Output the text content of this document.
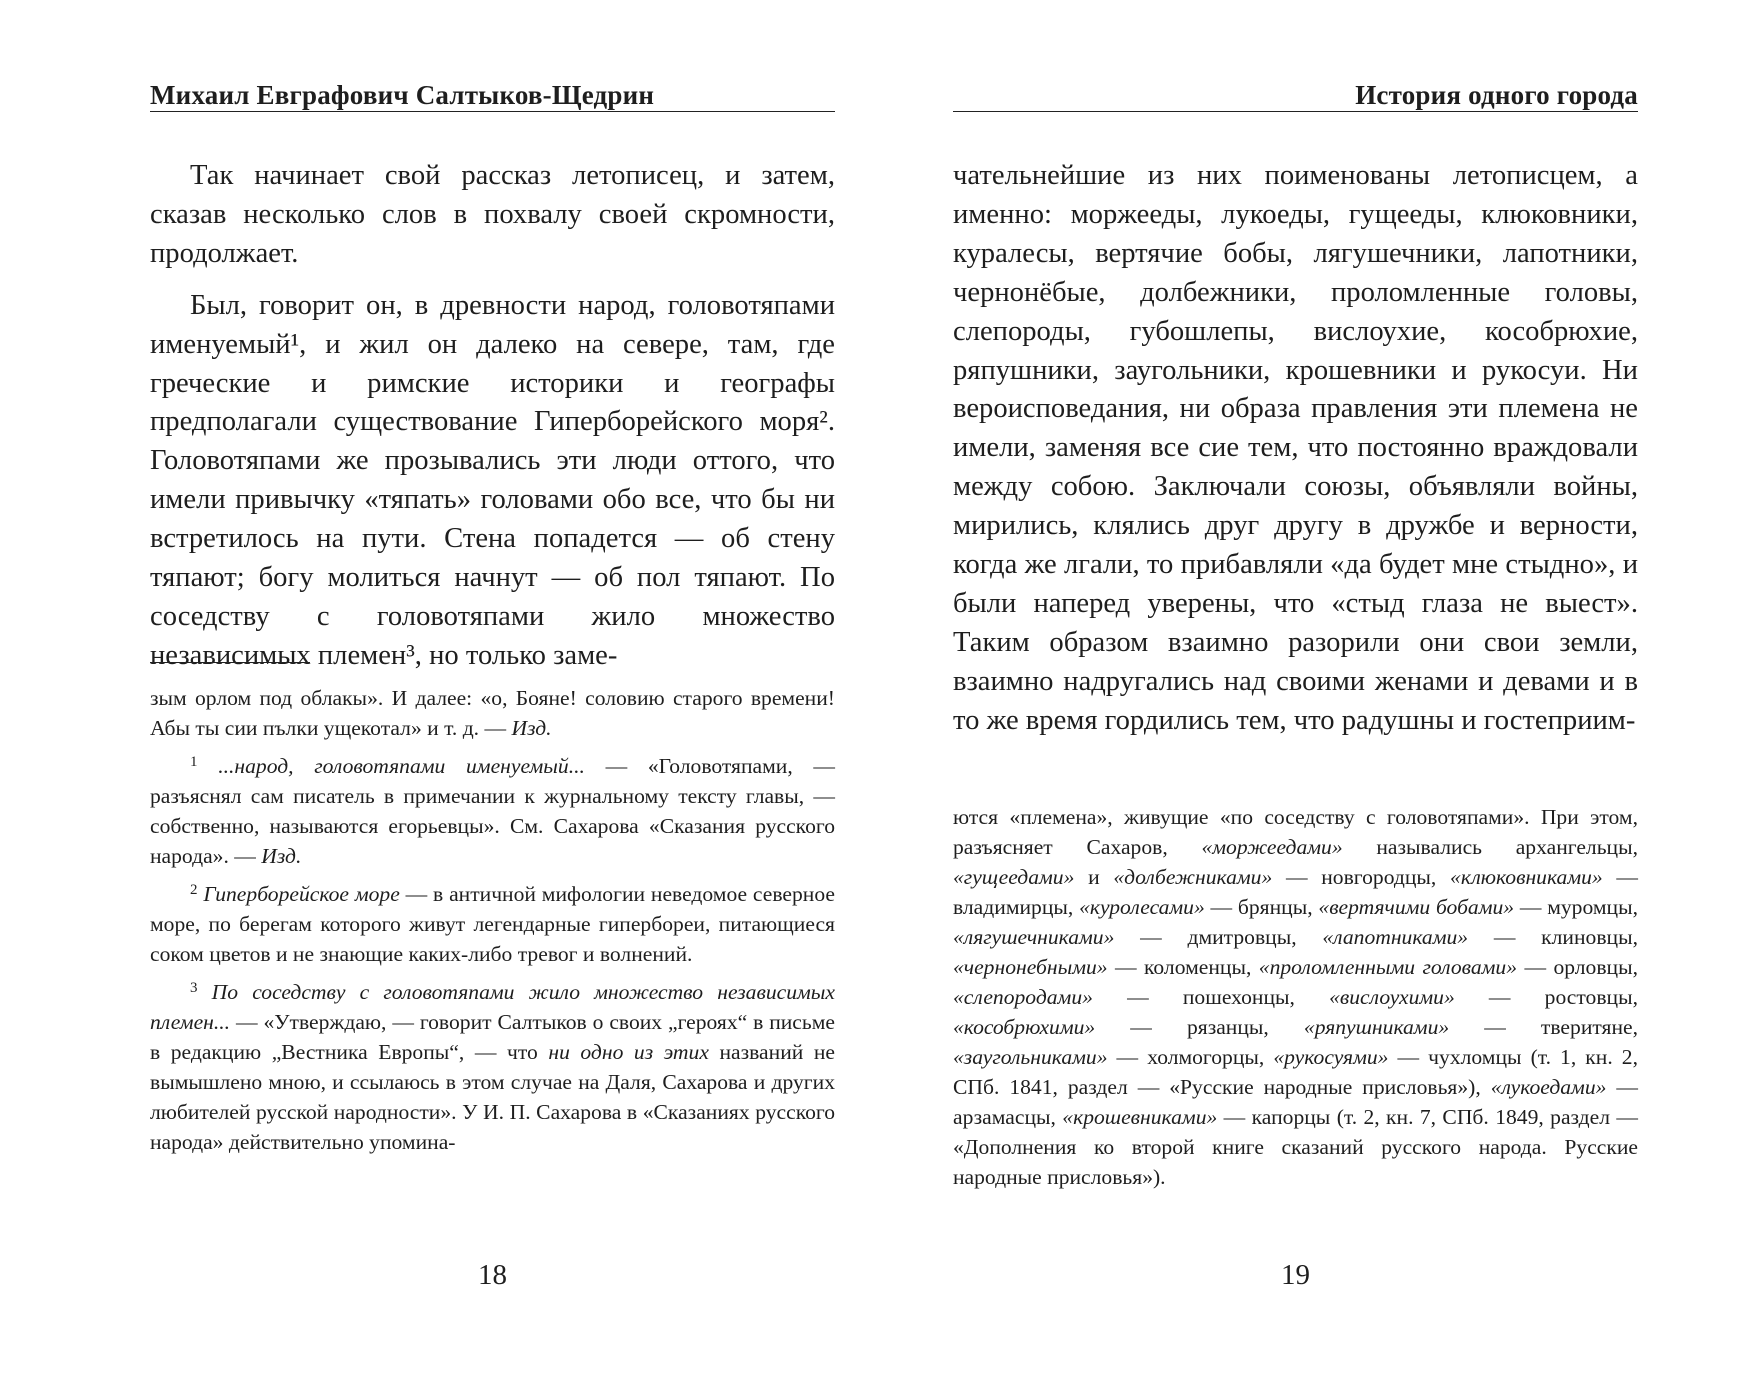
Михаил Евграфович Салтыков-Щедрин

Так начинает свой рассказ летописец, и затем, сказав несколько слов в похвалу своей скромности, продолжает.

Был, говорит он, в древности народ, головотяпами именуемый¹, и жил он далеко на севере, там, где греческие и римские историки и географы предполагали существование Гиперборейского моря². Головотяпами же прозывались эти люди оттого, что имели привычку «тяпать» головами обо все, что бы ни встретилось на пути. Стена попадется — об стену тяпают; богу молиться начнут — об пол тяпают. По соседству с головотяпами жило множество независимых племен³, но только заме-

зым орлом под облакы». И далее: «о, Бояне! соловию старого времени! Абы ты сии пълки ущекотал» и т. д. — Изд.

$^1$ ...народ, головотяпами именуемый... — «Головотяпами, — разъяснял сам писатель в примечании к журнальному тексту главы, — собственно, называются егорьевцы». См. Сахарова «Сказания русского народа». — Изд.

$^2$ Гиперборейское море — в античной мифологии неведомое северное море, по берегам которого живут легендарные гипербореи, питающиеся соком цветов и не знающие каких-либо тревог и волнений.

$^3$ По соседству с головотяпами жило множество независимых племен... — «Утверждаю, — говорит Салтыков о своих „героях“ в письме в редакцию „Вестника Европы“, — что ни одно из этих названий не вымышлено мною, и ссылаюсь в этом случае на Даля, Сахарова и других любителей русской народности». У И. П. Сахарова в «Сказаниях русского народа» действительно упомина-

18
История одного города

чательнейшие из них поименованы летописцем, а именно: моржееды, лукоеды, гущееды, клюковники, куралесы, вертячие бобы, лягушечники, лапотники, чернонёбые, долбежники, проломленные головы, слепороды, губошлепы, вислоухие, кособрюхие, ряпушники, заугольники, крошевники и рукосуи. Ни вероисповедания, ни образа правления эти племена не имели, заменяя все сие тем, что постоянно враждовали между собою. Заключали союзы, объявляли войны, мирились, клялись друг другу в дружбе и верности, когда же лгали, то прибавляли «да будет мне стыдно», и были наперед уверены, что «стыд глаза не выест». Таким образом взаимно разорили они свои земли, взаимно надругались над своими женами и девами и в то же время гордились тем, что радушны и гостеприим-

ются «племена», живущие «по соседству с головотяпами». При этом, разъясняет Сахаров, «моржеедами» назывались архангельцы, «гущеедами» и «долбежниками» — новгородцы, «клюковниками» — владимирцы, «куролесами» — брянцы, «вертячими бобами» — муромцы, «лягушечниками» — дмитровцы, «лапотниками» — клиновцы, «чернонебными» — коломенцы, «проломленными головами» — орловцы, «слепородами» — пошехонцы, «вислоухими» — ростовцы, «кособрюхими» — рязанцы, «ряпушниками» — тверитяне, «заугольниками» — холмогорцы, «рукосуями» — чухломцы (т. 1, кн. 2, СПб. 1841, раздел — «Русские народные присловья»), «лукоедами» — арзамасцы, «крошевниками» — капорцы (т. 2, кн. 7, СПб. 1849, раздел — «Дополнения ко второй книге сказаний русского народа. Русские народные присловья»).

19
